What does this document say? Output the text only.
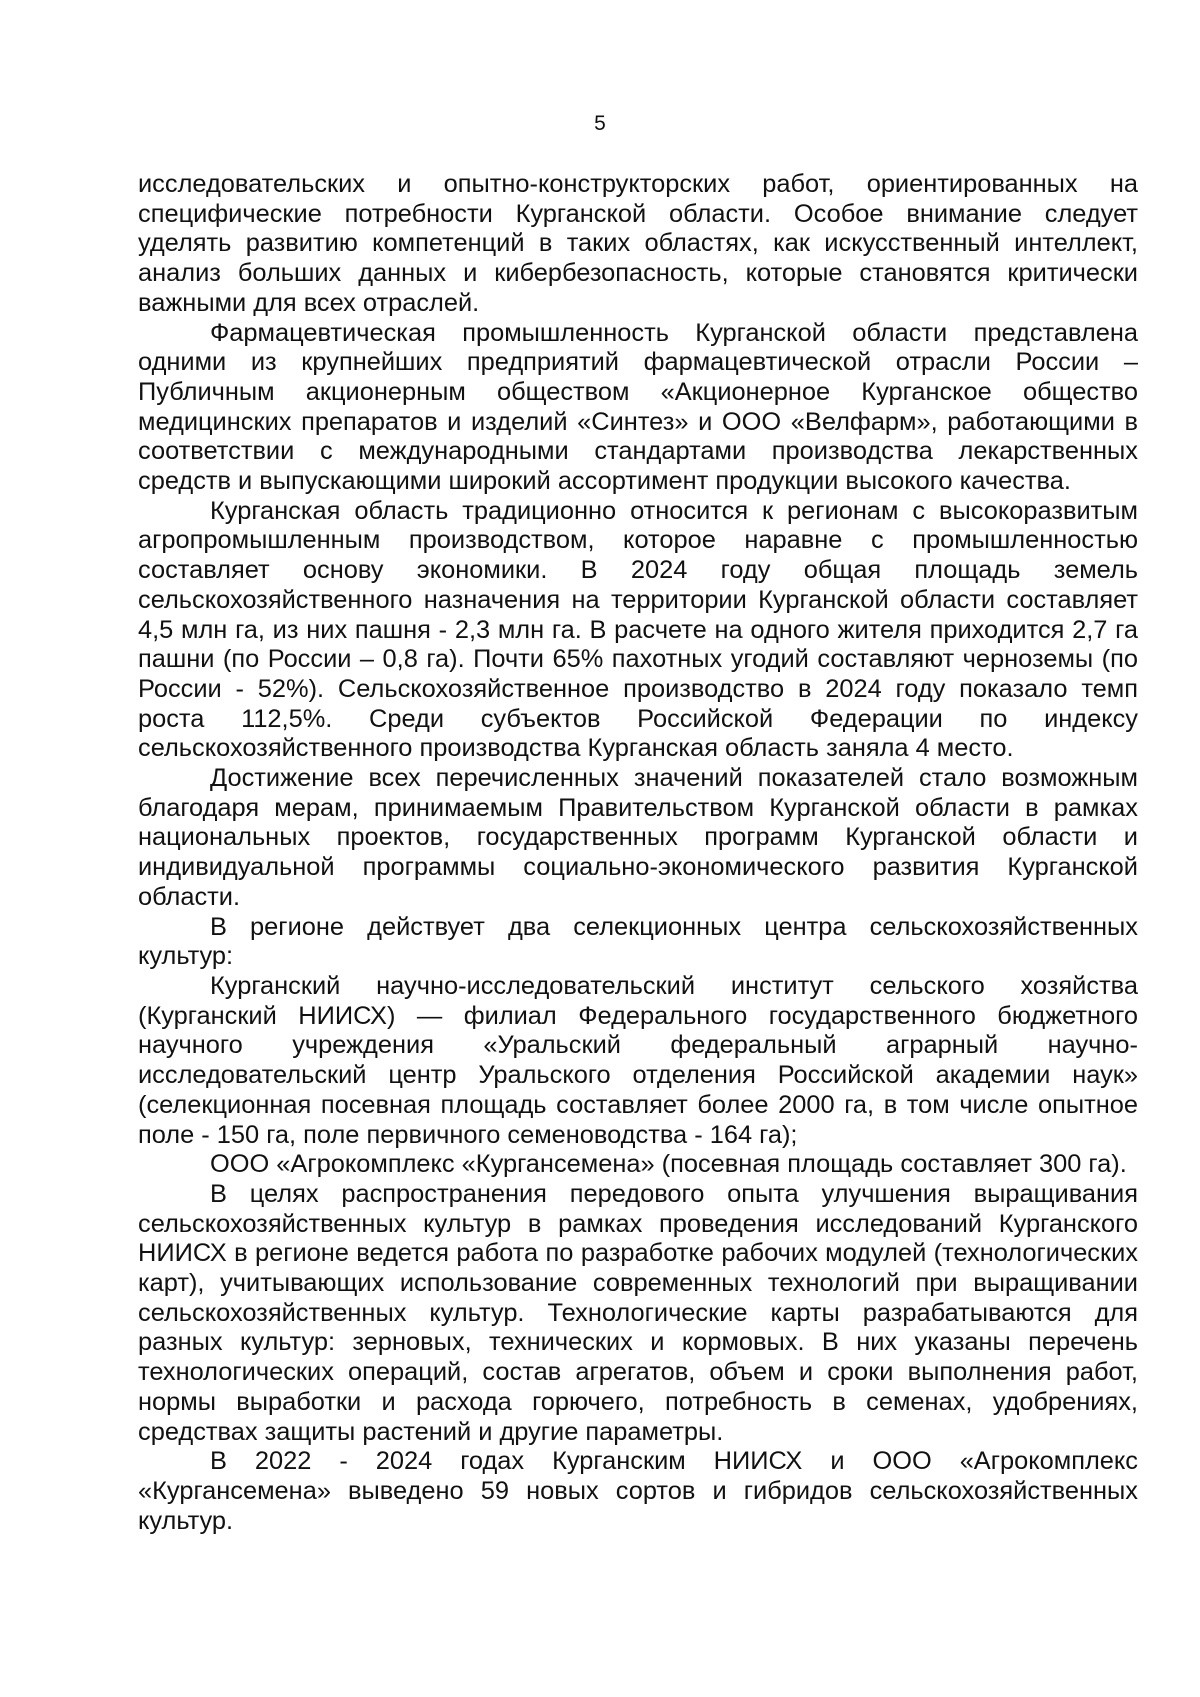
5

исследовательских и опытно-конструкторских работ, ориентированных на специфические потребности Курганской области. Особое внимание следует уделять развитию компетенций в таких областях, как искусственный интеллект, анализ больших данных и кибербезопасность, которые становятся критически важными для всех отраслей.

Фармацевтическая промышленность Курганской области представлена одними из крупнейших предприятий фармацевтической отрасли России – Публичным акционерным обществом «Акционерное Курганское общество медицинских препаратов и изделий «Синтез» и ООО «Велфарм», работающими в соответствии с международными стандартами производства лекарственных средств и выпускающими широкий ассортимент продукции высокого качества.

Курганская область традиционно относится к регионам с высокоразвитым агропромышленным производством, которое наравне с промышленностью составляет основу экономики. В 2024 году общая площадь земель сельскохозяйственного назначения на территории Курганской области составляет 4,5 млн га, из них пашня - 2,3 млн га. В расчете на одного жителя приходится 2,7 га пашни (по России – 0,8 га). Почти 65% пахотных угодий составляют черноземы (по России - 52%). Сельскохозяйственное производство в 2024 году показало темп роста 112,5%. Среди субъектов Российской Федерации по индексу сельскохозяйственного производства Курганская область заняла 4 место.

Достижение всех перечисленных значений показателей стало возможным благодаря мерам, принимаемым Правительством Курганской области в рамках национальных проектов, государственных программ Курганской области и индивидуальной программы социально-экономического развития Курганской области.

В регионе действует два селекционных центра сельскохозяйственных культур:

Курганский научно-исследовательский институт сельского хозяйства (Курганский НИИСХ) — филиал Федерального государственного бюджетного научного учреждения «Уральский федеральный аграрный научно-исследовательский центр Уральского отделения Российской академии наук» (селекционная посевная площадь составляет более 2000 га, в том числе опытное поле - 150 га, поле первичного семеноводства - 164 га);

ООО «Агрокомплекс «Кургансемена» (посевная площадь составляет 300 га).

В целях распространения передового опыта улучшения выращивания сельскохозяйственных культур в рамках проведения исследований Курганского НИИСХ в регионе ведется работа по разработке рабочих модулей (технологических карт), учитывающих использование современных технологий при выращивании сельскохозяйственных культур. Технологические карты разрабатываются для разных культур: зерновых, технических и кормовых. В них указаны перечень технологических операций, состав агрегатов, объем и сроки выполнения работ, нормы выработки и расхода горючего, потребность в семенах, удобрениях, средствах защиты растений и другие параметры.

В 2022 - 2024 годах Курганским НИИСХ и ООО «Агрокомплекс «Кургансемена» выведено 59 новых сортов и гибридов сельскохозяйственных культур.
